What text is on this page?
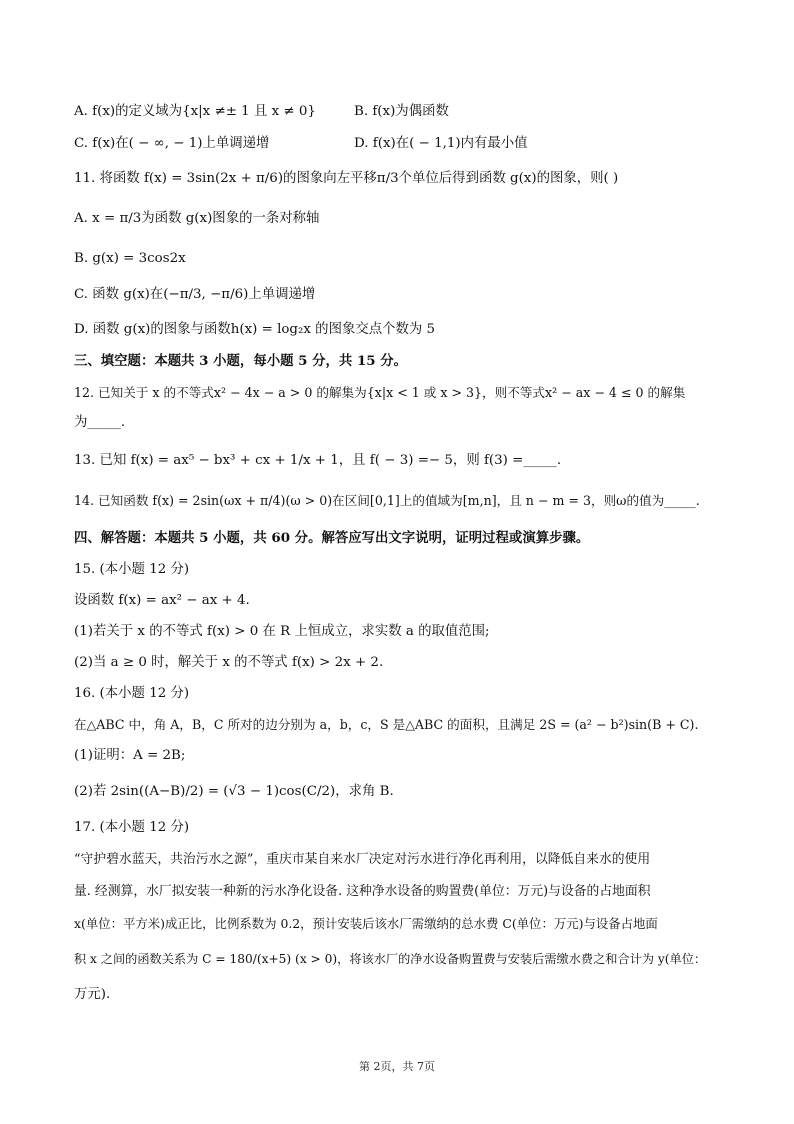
A. f(x)的定义域为{x|x ≠± 1 且 x ≠ 0}	B. f(x)为偶函数
C. f(x)在( − ∞, − 1)上单调递增	D. f(x)在( − 1,1)内有最小值
11. 将函数 f(x) = 3sin(2x + π/6)的图象向左平移π/3个单位后得到函数 g(x)的图象，则( )
A. x = π/3为函数 g(x)图象的一条对称轴
B. g(x) = 3cos2x
C. 函数 g(x)在(−π/3, −π/6)上单调递增
D. 函数 g(x)的图象与函数h(x) = log₂x 的图象交点个数为 5
三、填空题：本题共 3 小题，每小题 5 分，共 15 分。
12. 已知关于 x 的不等式x² − 4x − a > 0 的解集为{x|x < 1 或 x > 3}，则不等式x² − ax − 4 ≤ 0 的解集
为_____.
13. 已知 f(x) = ax⁵ − bx³ + cx + 1/x + 1，且 f( − 3) =− 5，则 f(3) =_____.
14. 已知函数 f(x) = 2sin(ωx + π/4)(ω > 0)在区间[0,1]上的值域为[m,n]，且 n − m = 3，则ω的值为_____.
四、解答题：本题共 5 小题，共 60 分。解答应写出文字说明，证明过程或演算步骤。
15. (本小题 12 分)
设函数 f(x) = ax² − ax + 4.
(1)若关于 x 的不等式 f(x) > 0 在 R 上恒成立，求实数 a 的取值范围;
(2)当 a ≥ 0 时，解关于 x 的不等式 f(x) > 2x + 2.
16. (本小题 12 分)
在△ABC 中，角 A，B，C 所对的边分别为 a，b，c，S 是△ABC 的面积，且满足 2S = (a² − b²)sin(B + C).
(1)证明：A = 2B;
(2)若 2sin((A−B)/2) = (√3 − 1)cos(C/2)，求角 B.
17. (本小题 12 分)
“守护碧水蓝天，共治污水之源”，重庆市某自来水厂决定对污水进行净化再利用，以降低自来水的使用
量. 经测算，水厂拟安装一种新的污水净化设备. 这种净水设备的购置费(单位：万元)与设备的占地面积
x(单位：平方米)成正比，比例系数为 0.2，预计安装后该水厂需缴纳的总水费 C(单位：万元)与设备占地面
积 x 之间的函数关系为 C = 180/(x+5) (x > 0)，将该水厂的净水设备购置费与安装后需缴水费之和合计为 y(单位：
万元).
第 2页，共 7页
